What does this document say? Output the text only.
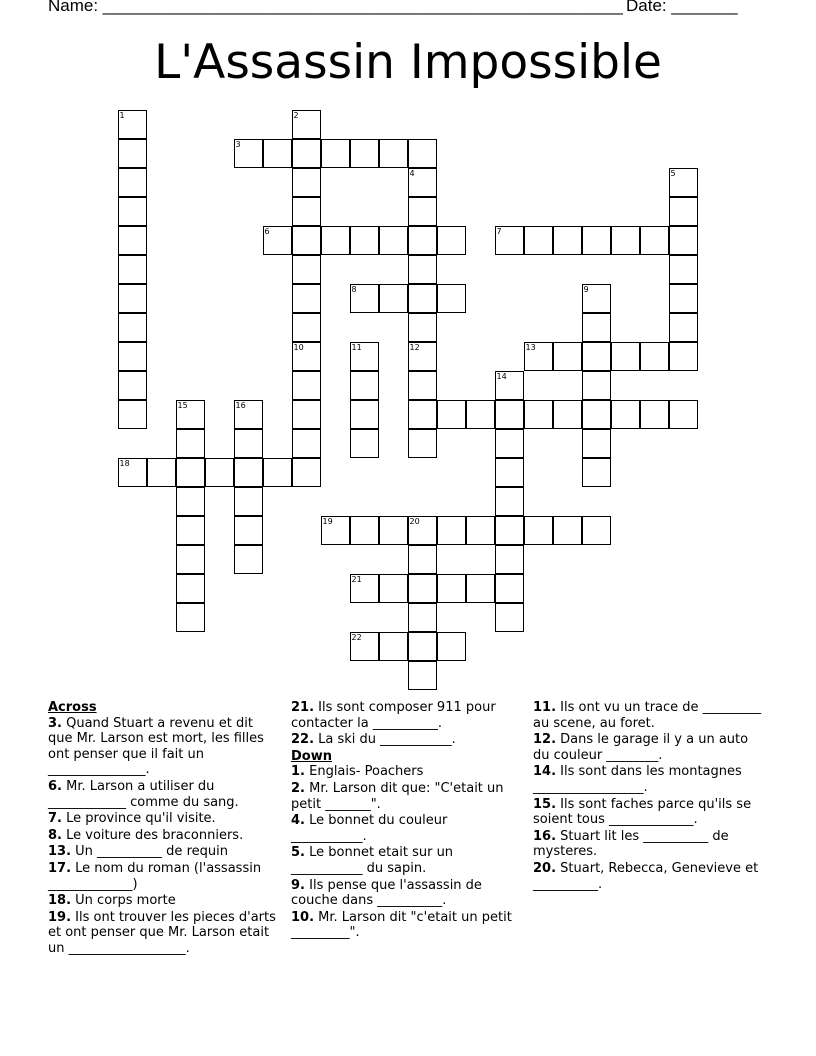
Name: _______________________________________________________ Date: _______
L'Assassin Impossible
1	2
3
4	5
6	7
8	9
10	11	12	13
14
15	16
18
19	20
21
22
Across
3. Quand Stuart a revenu et dit que Mr. Larson est mort, les filles ont penser que il fait un _______________.
6. Mr. Larson a utiliser du ____________ comme du sang.
7. Le province qu'il visite.
8. Le voiture des braconniers.
13. Un __________ de requin
17. Le nom du roman (l'assassin _____________)
18. Un corps morte
19. Ils ont trouver les pieces d'arts et ont penser que Mr. Larson etait un __________________.
21. Ils sont composer 911 pour contacter la __________.
22. La ski du ___________.
Down
1. Englais- Poachers
2. Mr. Larson dit que: "C'etait un petit _______".
4. Le bonnet du couleur ___________.
5. Le bonnet etait sur un ___________ du sapin.
9. Ils pense que l'assassin de couche dans __________.
10. Mr. Larson dit "c'etait un petit _________".
11. Ils ont vu un trace de _________ au scene, au foret.
12. Dans le garage il y a un auto du couleur ________.
14. Ils sont dans les montagnes _________________.
15. Ils sont faches parce qu'ils se soient tous _____________.
16. Stuart lit les __________ de mysteres.
20. Stuart, Rebecca, Genevieve et __________.
